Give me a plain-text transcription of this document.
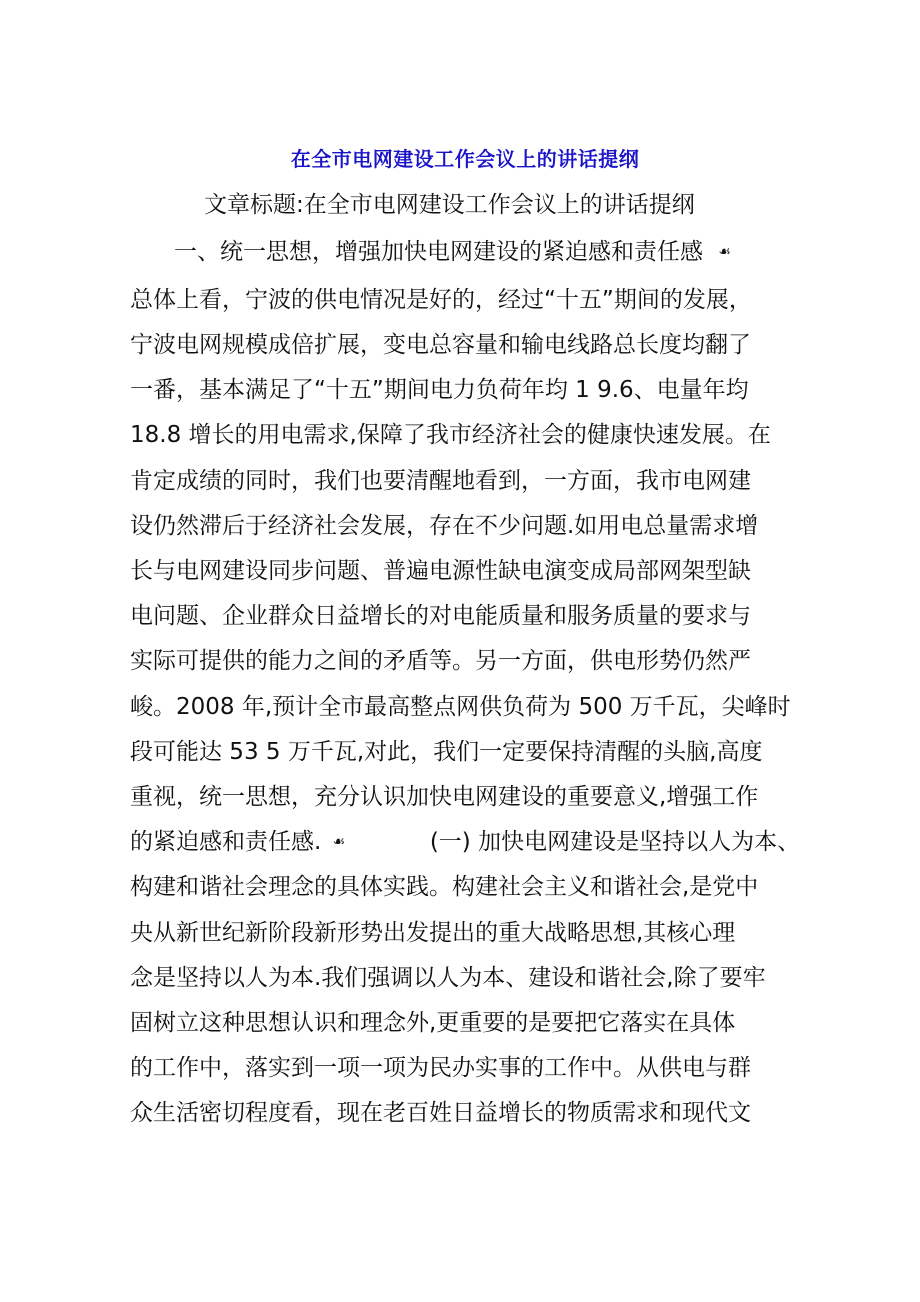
在全市电网建设工作会议上的讲话提纲
文章标题:在全市电网建设工作会议上的讲话提纲
一、统一思想，增强加快电网建设的紧迫感和责任感 ☙
总体上看，宁波的供电情况是好的，经过“十五”期间的发展，
宁波电网规模成倍扩展，变电总容量和输电线路总长度均翻了
一番，基本满足了“十五”期间电力负荷年均 1 9.6、电量年均
18.8 增长的用电需求,保障了我市经济社会的健康快速发展。在
肯定成绩的同时，我们也要清醒地看到，一方面，我市电网建
设仍然滞后于经济社会发展，存在不少问题.如用电总量需求增
长与电网建设同步问题、普遍电源性缺电演变成局部网架型缺
电问题、企业群众日益增长的对电能质量和服务质量的要求与
实际可提供的能力之间的矛盾等。另一方面，供电形势仍然严
峻。2008 年,预计全市最高整点网供负荷为 500 万千瓦，尖峰时
段可能达 53 5 万千瓦,对此，我们一定要保持清醒的头脑,高度
重视，统一思想，充分认识加快电网建设的重要意义,增强工作
的紧迫感和责任感. ☙	(一) 加快电网建设是坚持以人为本、
构建和谐社会理念的具体实践。构建社会主义和谐社会,是党中
央从新世纪新阶段新形势出发提出的重大战略思想,其核心理
念是坚持以人为本.我们强调以人为本、建设和谐社会,除了要牢
固树立这种思想认识和理念外,更重要的是要把它落实在具体
的工作中，落实到一项一项为民办实事的工作中。从供电与群
众生活密切程度看，现在老百姓日益增长的物质需求和现代文
